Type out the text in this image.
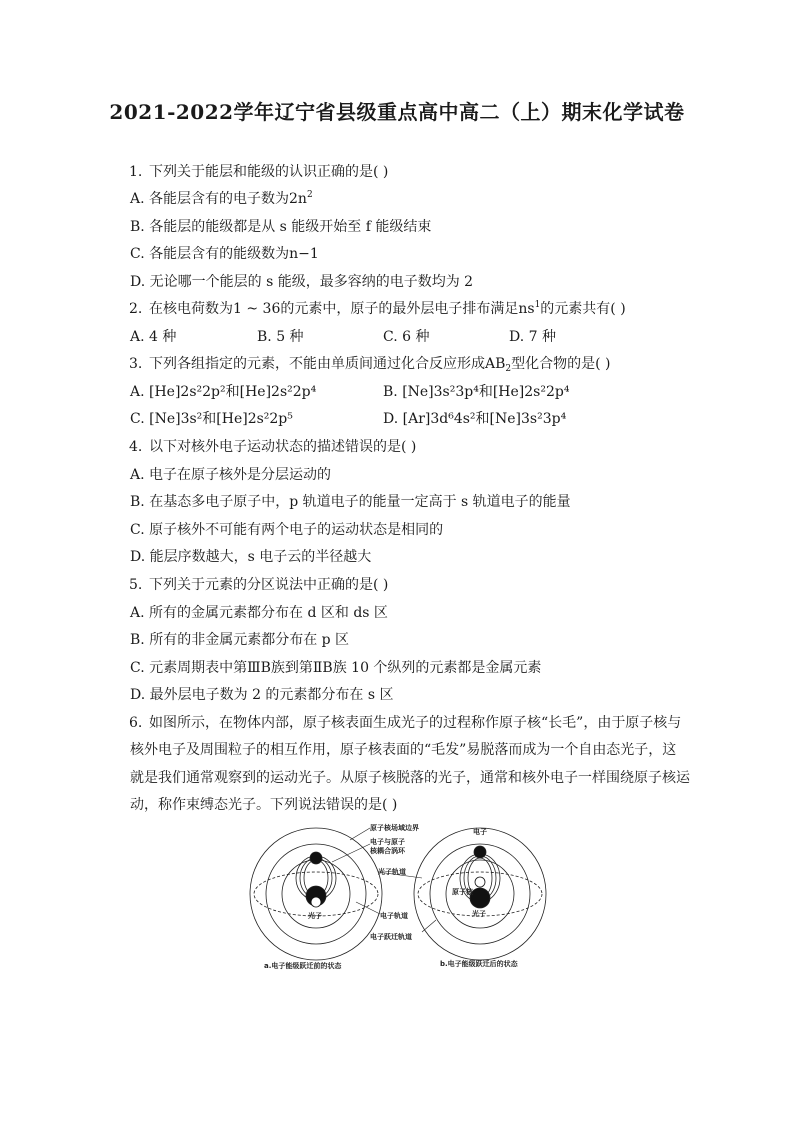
2021-2022学年辽宁省县级重点高中高二（上）期末化学试卷
1. 下列关于能层和能级的认识正确的是( )
A. 各能层含有的电子数为$2n^2$
B. 各能层的能级都是从 s 能级开始至 f 能级结束
C. 各能层含有的能级数为n−1
D. 无论哪一个能层的 s 能级，最多容纳的电子数均为 2
2. 在核电荷数为1 ~ 36的元素中，原子的最外层电子排布满足$ns^1$的元素共有( )
A. 4 种	B. 5 种	C. 6 种	D. 7 种
3. 下列各组指定的元素，不能由单质间通过化合反应形成$AB_2$型化合物的是( )
A. [He]2s²2p²和[He]2s²2p⁴	B. [Ne]3s²3p⁴和[He]2s²2p⁴
C. [Ne]3s²和[He]2s²2p⁵	D. [Ar]3d⁶4s²和[Ne]3s²3p⁴
4. 以下对核外电子运动状态的描述错误的是( )
A. 电子在原子核外是分层运动的
B. 在基态多电子原子中，p 轨道电子的能量一定高于 s 轨道电子的能量
C. 原子核外不可能有两个电子的运动状态是相同的
D. 能层序数越大，s 电子云的半径越大
5. 下列关于元素的分区说法中正确的是( )
A. 所有的金属元素都分布在 d 区和 ds 区
B. 所有的非金属元素都分布在 p 区
C. 元素周期表中第ⅢB族到第ⅡB族 10 个纵列的元素都是金属元素
D. 最外层电子数为 2 的元素都分布在 s 区
6. 如图所示，在物体内部，原子核表面生成光子的过程称作原子核“长毛”，由于原子核与
核外电子及周围粒子的相互作用，原子核表面的“毛发”易脱落而成为一个自由态光子，这
就是我们通常观察到的运动光子。从原子核脱落的光子，通常和核外电子一样围绕原子核运
动，称作束缚态光子。下列说法错误的是( )
原子核场域边界
电子与原子
核耦合涡环
光子轨道
电子轨道
电子跃迁轨道
光子
电子
原子核
光子
a.电子能级跃迁前的状态	b.电子能级跃迁后的状态
